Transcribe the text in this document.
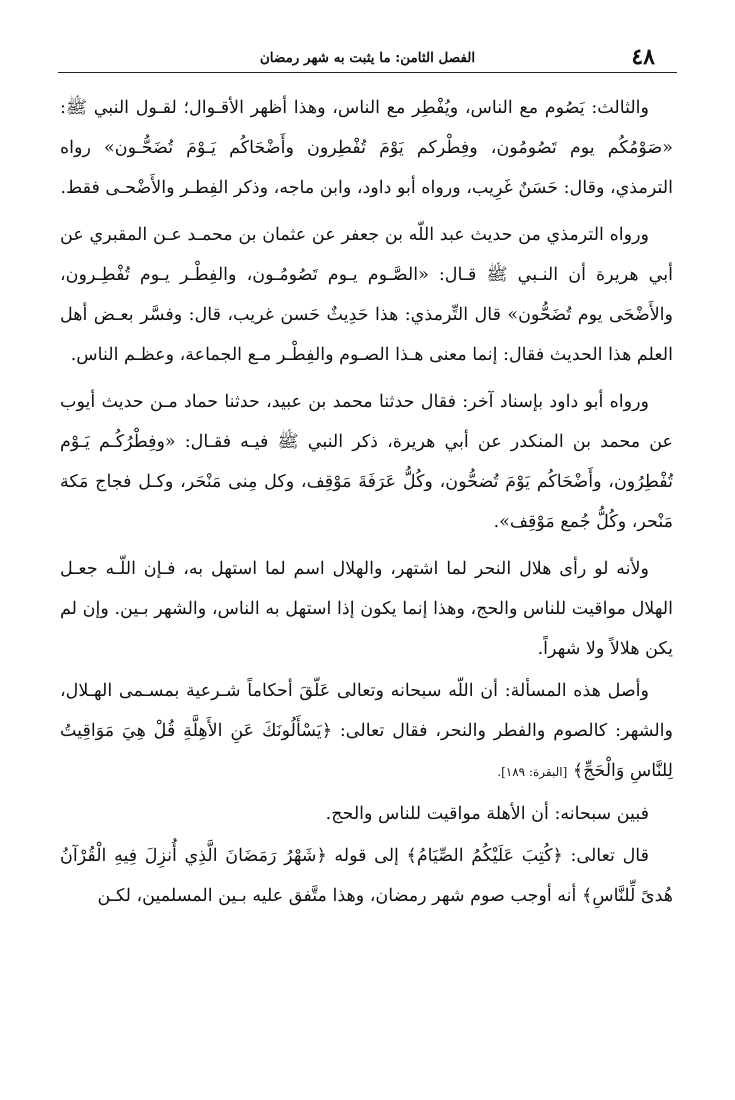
٤٨
الفصل الثامن: ما يثبت به شهر رمضان

والثالث: يَصُوم مع الناس، ويُفْطِر مع الناس، وهذا أظهر الأقـوال؛ لقـول النبي ﷺ: «صَوْمُكُم يوم تَصُومُون، وفِطْركم يَوْمَ تُفْطِرون وأَضْحَاكُم يَـوْمَ تُضَحُّـون» رواه الترمذي، وقال: حَسَنٌ غَرِيب، ورواه أبو داود، وابن ماجه، وذكر الفِطـر والأَضْحـى فقط.

ورواه الترمذي من حديث عبد اللّه بن جعفر عن عثمان بن محمـد عـن المقبري عن أبي هريرة أن النـبي ﷺ قـال: «الصَّـوم يـوم تَصُومُـون، والفِطْـر يـوم تُفْطِـرون، والأَضْحَى يوم تُضَحُّون» قال التِّرمذي: هذا حَدِيثٌ حَسن غريب، قال: وفسَّر بعـض أهل العلم هذا الحديث فقال: إنما معنى هـذا الصـوم والفِطْـر مـع الجماعة، وعظـم الناس.

ورواه أبو داود بإسناد آخر: فقال حدثنا محمد بن عبيد، حدثنا حماد مـن حديث أيوب عن محمد بن المنكدر عن أبي هريرة، ذكر النبي ﷺ فيـه فقـال: «وفِطْرُكُـم يَـوْم تُفْطِرُون، وأَضْحَاكُم يَوْمَ تُضحُّون، وكُلُّ عَرَفَةَ مَوْقِف، وكل مِنى مَنْحَر، وكـل فجاج مَكة مَنْحر، وكُلُّ جُمع مَوْقِف».

ولأنه لو رأى هلال النحر لما اشتهر، والهلال اسم لما استهل به، فـإن اللّـه جعـل الهلال مواقيت للناس والحج، وهذا إنما يكون إذا استهل به الناس، والشهر بـين. وإن لم يكن هلالاً ولا شهراً.

وأصل هذه المسألة: أن اللّه سبحانه وتعالى عَلّقَ أحكاماً شـرعية بمسـمى الهـلال، والشهر: كالصوم والفطر والنحر، فقال تعالى: ﴿يَسْأَلُونَكَ عَنِ الأَهِلَّةِ قُلْ هِيَ مَوَاقِيتُ لِلنَّاسِ وَالْحَجِّ﴾ [البقرة: ١٨٩].

فبين سبحانه: أن الأهلة مواقيت للناس والحج.

قال تعالى: ﴿كُتِبَ عَلَيْكُمُ الصِّيَامُ﴾ إلى قوله ﴿شَهْرُ رَمَضَانَ الَّذِي أُنزِلَ فِيهِ الْقُرْآنُ هُدىً لِّلنَّاسِ﴾ أنه أوجب صوم شهر رمضان، وهذا متَّفق عليه بـين المسلمين، لكـن
